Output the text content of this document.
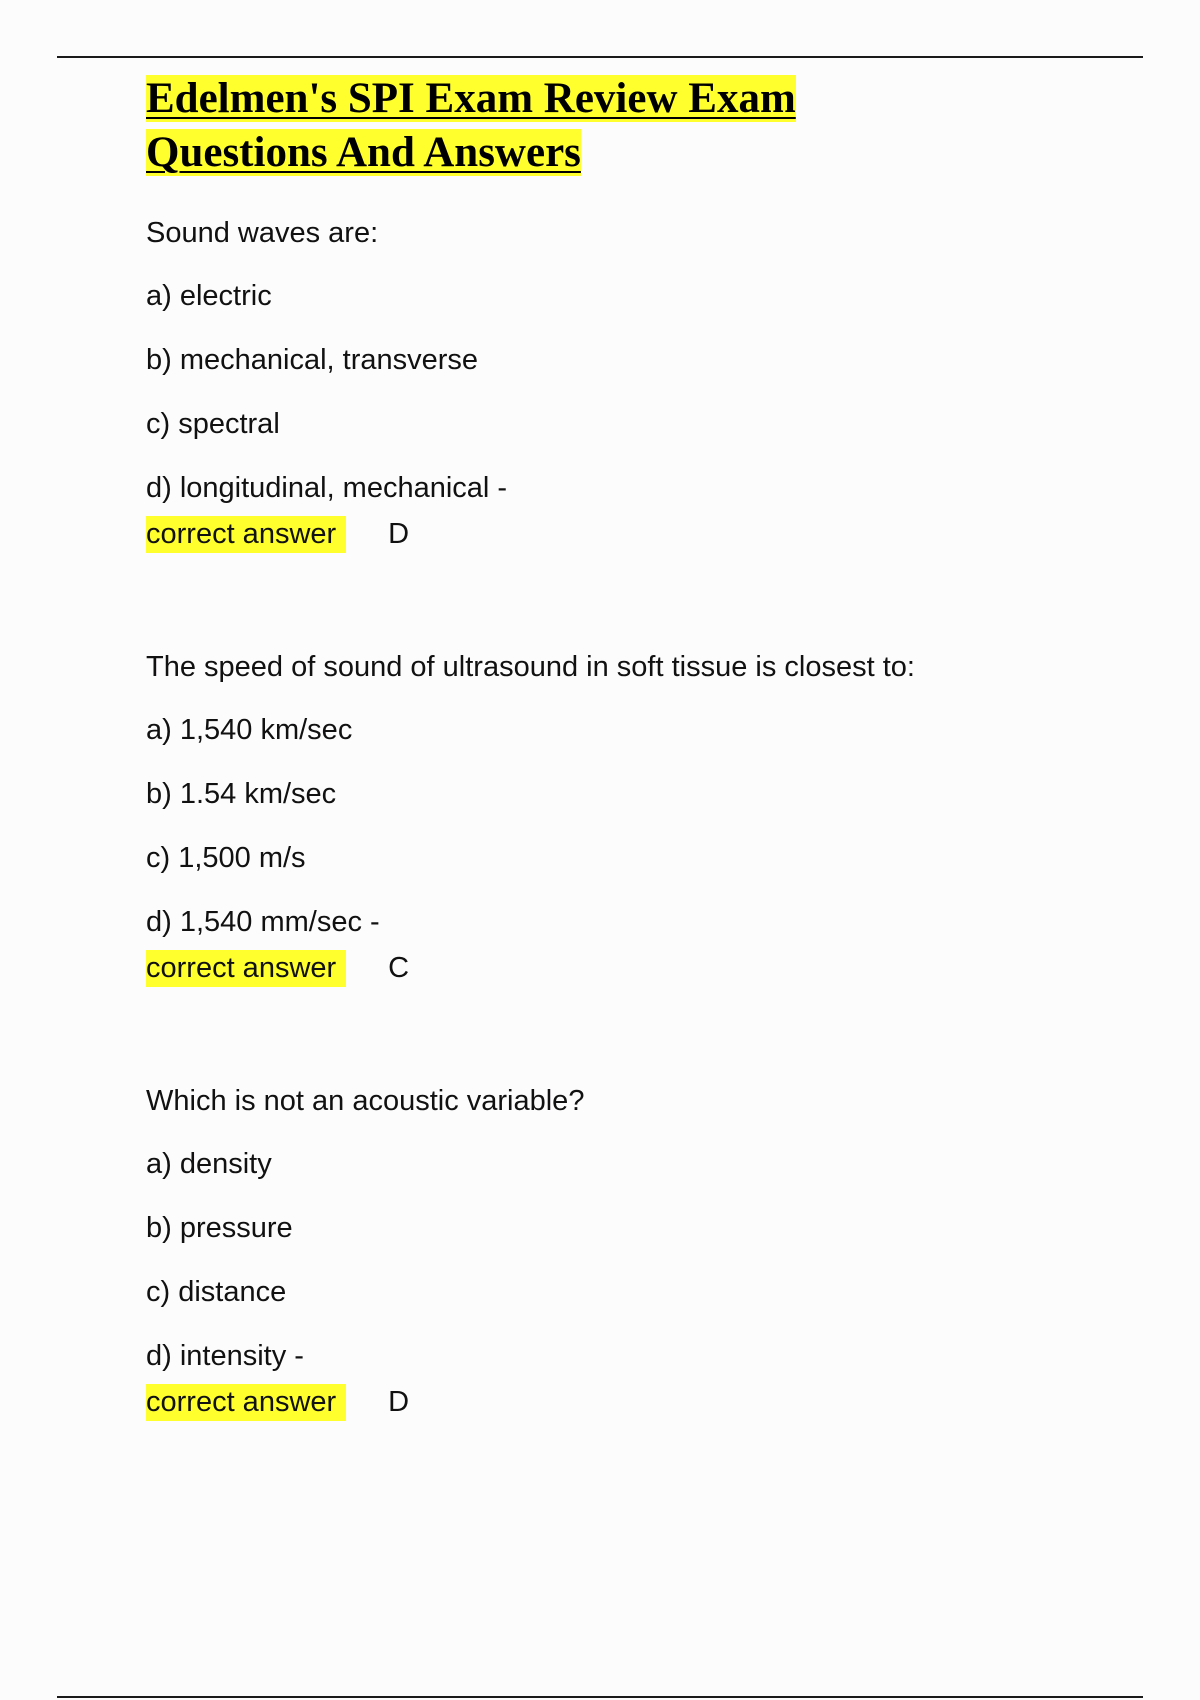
Edelmen's SPI Exam Review Exam
Questions And Answers

Sound waves are:

a) electric

b) mechanical, transverse

c) spectral

d) longitudinal, mechanical -

correct answer	D

The speed of sound of ultrasound in soft tissue is closest to:

a) 1,540 km/sec

b) 1.54 km/sec

c) 1,500 m/s

d) 1,540 mm/sec -

correct answer	C

Which is not an acoustic variable?

a) density

b) pressure

c) distance

d) intensity -

correct answer	D
